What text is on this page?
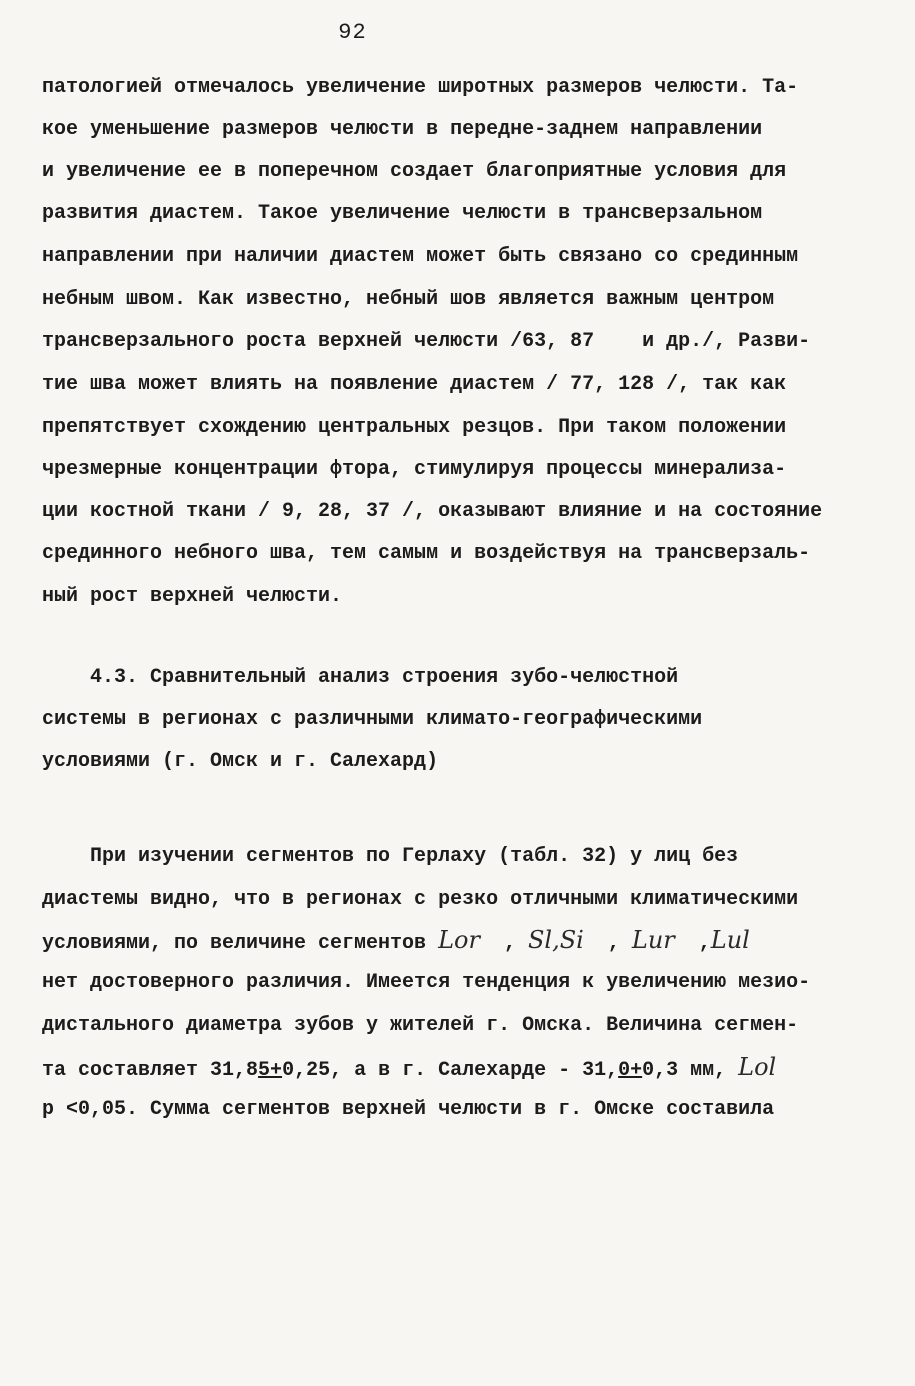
92
патологией отмечалось увеличение широтных размеров челюсти. Та-
кое уменьшение размеров челюсти в передне-заднем направлении
и увеличение ее в поперечном создает благоприятные условия для
развития диастем. Такое увеличение челюсти в трансверзальном
направлении при наличии диастем может быть связано со срединным
небным швом. Как известно, небный шов является важным центром
трансверзального роста верхней челюсти /63, 87    и др./, Разви-
тие шва может влиять на появление диастем / 77, 128 /, так как
препятствует схождению центральных резцов. При таком положении
чрезмерные концентрации фтора, стимулируя процессы минерализа-
ции костной ткани / 9, 28, 37 /, оказывают влияние и на состояние
срединного небного шва, тем самым и воздействуя на трансверзаль-
ный рост верхней челюсти.
4.3. Сравнительный анализ строения зубо-челюстной
системы в регионах с различными климато-географическими
условиями (г. Омск и г. Салехард)
При изучении сегментов по Герлаху (табл. 32) у лиц без
диастемы видно, что в регионах с резко отличными климатическими
условиями, по величине сегментов Lor  , Sl,Si  , Lur  ,Lul
нет достоверного различия. Имеется тенденция к увеличению мезио-
дистального диаметра зубов у жителей г. Омска. Величина сегмен-
та составляет 31,85+0,25, а в г. Салехарде - 31,0+0,3 мм, Lol
р <0,05. Сумма сегментов верхней челюсти в г. Омске составила
